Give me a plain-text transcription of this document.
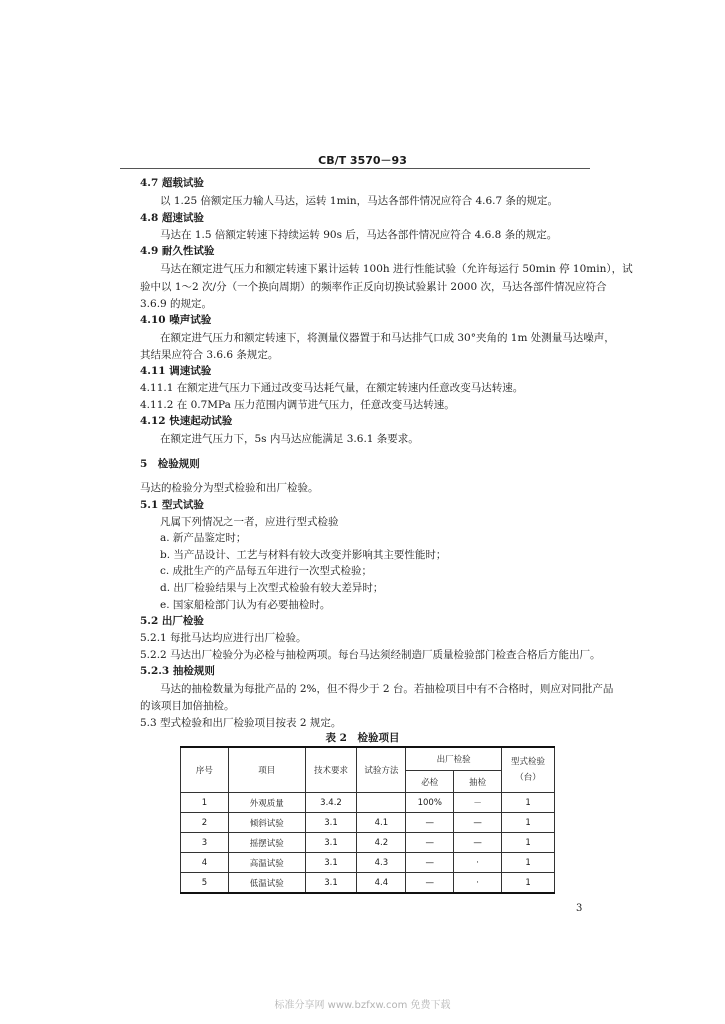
CB/T 3570－93
4.7 超载试验
以 1.25 倍额定压力输人马达，运转 1min，马达各部件情况应符合 4.6.7 条的规定。
4.8 超速试验
马达在 1.5 倍额定转速下持续运转 90s 后，马达各部件情况应符合 4.6.8 条的规定。
4.9 耐久性试验
马达在额定进气压力和额定转速下累计运转 100h 进行性能试验（允许每运行 50min 停 10min），试
验中以 1～2 次/分（一个换向周期）的频率作正反向切换试验累计 2000 次，马达各部件情况应符合
3.6.9 的规定。
4.10 噪声试验
在额定进气压力和额定转速下，将测量仪器置于和马达排气口成 30°夹角的 1m 处测量马达噪声，
其结果应符合 3.6.6 条规定。
4.11 调速试验
4.11.1 在额定进气压力下通过改变马达耗气量，在额定转速内任意改变马达转速。
4.11.2 在 0.7MPa 压力范围内调节进气压力，任意改变马达转速。
4.12 快速起动试验
在额定进气压力下，5s 内马达应能满足 3.6.1 条要求。
5　检验规则
马达的检验分为型式检验和出厂检验。
5.1 型式试验
凡属下列情况之一者，应进行型式检验
a. 新产品鉴定时；
b. 当产品设计、工艺与材料有较大改变并影响其主要性能时；
c. 成批生产的产品每五年进行一次型式检验；
d. 出厂检验结果与上次型式检验有较大差异时；
e. 国家船检部门认为有必要抽检时。
5.2 出厂检验
5.2.1 每批马达均应进行出厂检验。
5.2.2 马达出厂检验分为必检与抽检两项。每台马达须经制造厂质量检验部门检查合格后方能出厂。
5.2.3 抽检规则
马达的抽检数量为每批产品的 2%，但不得少于 2 台。若抽检项目中有不合格时，则应对同批产品
的该项目加倍抽检。
5.3 型式检验和出厂检验项目按表 2 规定。
表 2　检验项目
序号	项目	技术要求	试验方法	出厂检验		型式检验（台）
				必检	抽检	
1	外观质量	3.4.2		100%	－	1
2	倾斜试验	3.1	4.1	—	—	1
3	摇摆试验	3.1	4.2	—	—	1
4	高温试验	3.1	4.3	—	·	1
5	低温试验	3.1	4.4	—	·	1
3
标准分享网 www.bzfxw.com 免费下载
